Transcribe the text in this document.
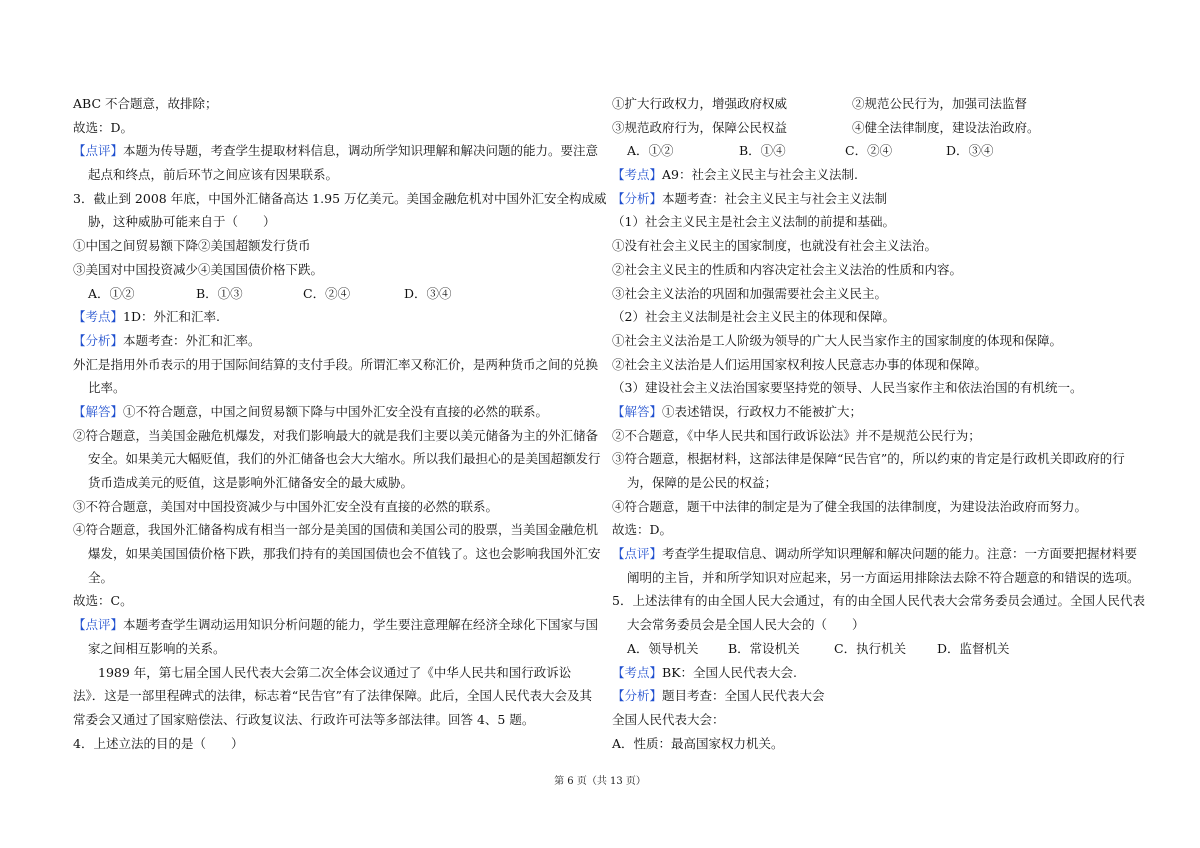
ABC 不合题意，故排除；
故选：D。
【点评】本题为传导题，考查学生提取材料信息，调动所学知识理解和解决问题的能力。要注意
起点和终点，前后环节之间应该有因果联系。
3．截止到 2008 年底，中国外汇储备高达 1.95 万亿美元。美国金融危机对中国外汇安全构成威
胁，这种威胁可能来自于（　　）
①中国之间贸易额下降②美国超额发行货币
③美国对中国投资减少④美国国债价格下跌。
A．①②	B．①③	C．②④	D．③④
【考点】1D：外汇和汇率.
【分析】本题考查：外汇和汇率。
外汇是指用外币表示的用于国际间结算的支付手段。所谓汇率又称汇价，是两种货币之间的兑换
比率。
【解答】①不符合题意，中国之间贸易额下降与中国外汇安全没有直接的必然的联系。
②符合题意，当美国金融危机爆发，对我们影响最大的就是我们主要以美元储备为主的外汇储备
安全。如果美元大幅贬值，我们的外汇储备也会大大缩水。所以我们最担心的是美国超额发行
货币造成美元的贬值，这是影响外汇储备安全的最大威胁。
③不符合题意，美国对中国投资减少与中国外汇安全没有直接的必然的联系。
④符合题意，我国外汇储备构成有相当一部分是美国的国债和美国公司的股票，当美国金融危机
爆发，如果美国国债价格下跌，那我们持有的美国国债也会不值钱了。这也会影响我国外汇安
全。
故选：C。
【点评】本题考查学生调动运用知识分析问题的能力，学生要注意理解在经济全球化下国家与国
家之间相互影响的关系。
1989 年，第七届全国人民代表大会第二次全体会议通过了《中华人民共和国行政诉讼
法》．这是一部里程碑式的法律，标志着“民告官”有了法律保障。此后，全国人民代表大会及其
常委会又通过了国家赔偿法、行政复议法、行政许可法等多部法律。回答 4、5 题。
4．上述立法的目的是（　　）
①扩大行政权力，增强政府权威	②规范公民行为，加强司法监督
③规范政府行为，保障公民权益	④健全法律制度，建设法治政府。
A．①②	B．①④	C．②④	D．③④
【考点】A9：社会主义民主与社会主义法制.
【分析】本题考查：社会主义民主与社会主义法制
（1）社会主义民主是社会主义法制的前提和基础。
①没有社会主义民主的国家制度，也就没有社会主义法治。
②社会主义民主的性质和内容决定社会主义法治的性质和内容。
③社会主义法治的巩固和加强需要社会主义民主。
（2）社会主义法制是社会主义民主的体现和保障。
①社会主义法治是工人阶级为领导的广大人民当家作主的国家制度的体现和保障。
②社会主义法治是人们运用国家权利按人民意志办事的体现和保障。
（3）建设社会主义法治国家要坚持党的领导、人民当家作主和依法治国的有机统一。
【解答】①表述错误，行政权力不能被扩大；
②不合题意，《中华人民共和国行政诉讼法》并不是规范公民行为；
③符合题意，根据材料，这部法律是保障“民告官”的，所以约束的肯定是行政机关即政府的行
为，保障的是公民的权益；
④符合题意，题干中法律的制定是为了健全我国的法律制度，为建设法治政府而努力。
故选：D。
【点评】考查学生提取信息、调动所学知识理解和解决问题的能力。注意：一方面要把握材料要
阐明的主旨，并和所学知识对应起来，另一方面运用排除法去除不符合题意的和错误的选项。
5．上述法律有的由全国人民大会通过，有的由全国人民代表大会常务委员会通过。全国人民代表
大会常务委员会是全国人民大会的（　　）
A．领导机关	B．常设机关	C．执行机关	D．监督机关
【考点】BK：全国人民代表大会.
【分析】题目考查：全国人民代表大会
全国人民代表大会：
A．性质：最高国家权力机关。
第 6 页（共 13 页）
